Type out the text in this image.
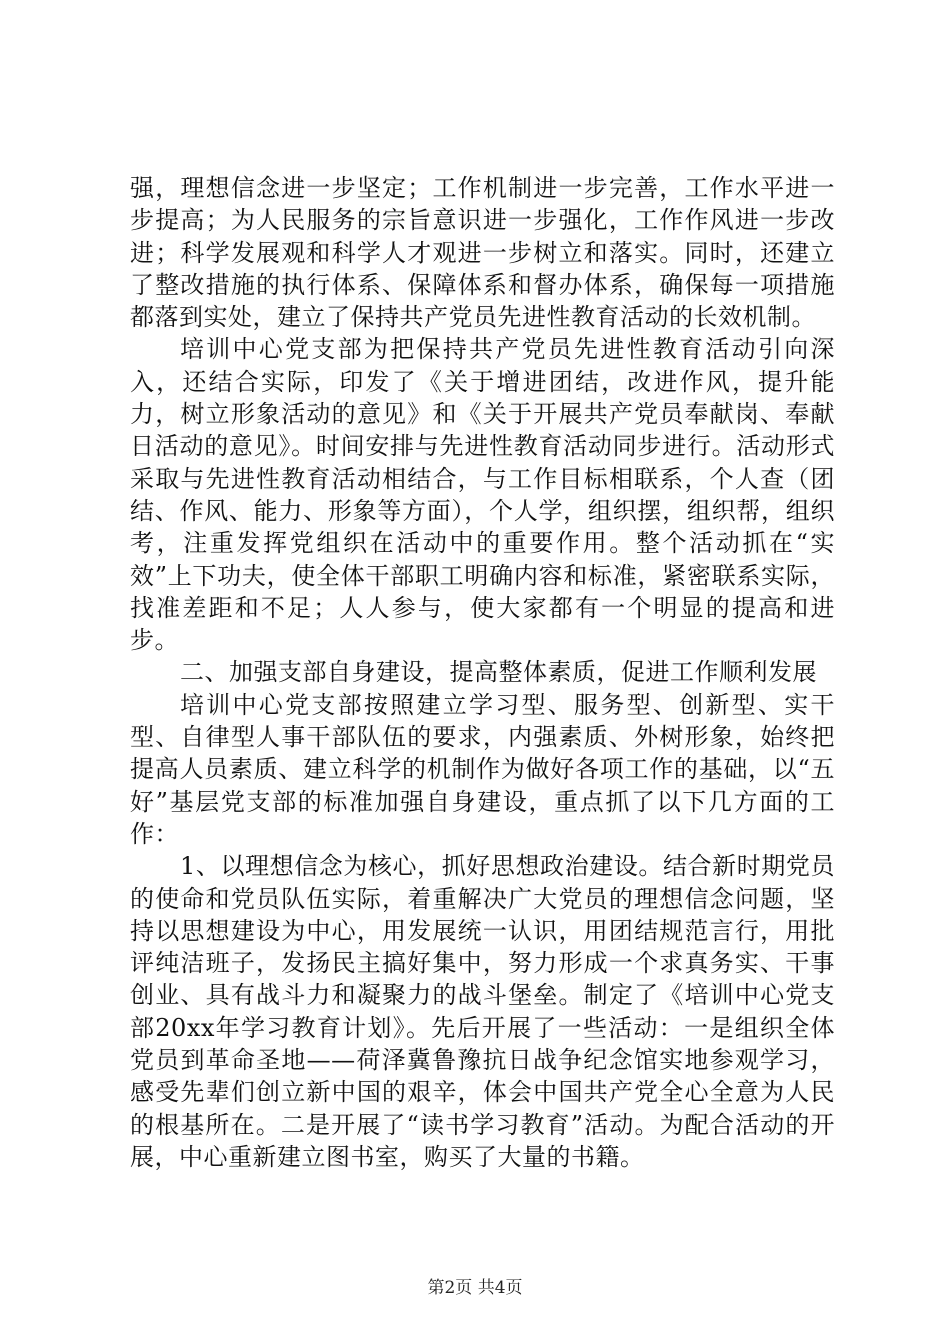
强，理想信念进一步坚定；工作机制进一步完善，工作水平进一步提高；为人民服务的宗旨意识进一步强化，工作作风进一步改进；科学发展观和科学人才观进一步树立和落实。同时，还建立了整改措施的执行体系、保障体系和督办体系，确保每一项措施都落到实处，建立了保持共产党员先进性教育活动的长效机制。

培训中心党支部为把保持共产党员先进性教育活动引向深入，还结合实际，印发了《关于增进团结，改进作风，提升能力，树立形象活动的意见》和《关于开展共产党员奉献岗、奉献日活动的意见》。时间安排与先进性教育活动同步进行。活动形式采取与先进性教育活动相结合，与工作目标相联系，个人查（团结、作风、能力、形象等方面），个人学，组织摆，组织帮，组织考，注重发挥党组织在活动中的重要作用。整个活动抓在“实效”上下功夫，使全体干部职工明确内容和标准，紧密联系实际，找准差距和不足；人人参与，使大家都有一个明显的提高和进步。

二、加强支部自身建设，提高整体素质，促进工作顺利发展

培训中心党支部按照建立学习型、服务型、创新型、实干型、自律型人事干部队伍的要求，内强素质、外树形象，始终把提高人员素质、建立科学的机制作为做好各项工作的基础，以“五好”基层党支部的标准加强自身建设，重点抓了以下几方面的工作：

1、以理想信念为核心，抓好思想政治建设。结合新时期党员的使命和党员队伍实际，着重解决广大党员的理想信念问题，坚持以思想建设为中心，用发展统一认识，用团结规范言行，用批评纯洁班子，发扬民主搞好集中，努力形成一个求真务实、干事创业、具有战斗力和凝聚力的战斗堡垒。制定了《培训中心党支部20xx年学习教育计划》。先后开展了一些活动：一是组织全体党员到革命圣地——荷泽冀鲁豫抗日战争纪念馆实地参观学习，感受先辈们创立新中国的艰辛，体会中国共产党全心全意为人民的根基所在。二是开展了“读书学习教育”活动。为配合活动的开展，中心重新建立图书室，购买了大量的书籍。

第2页 共4页
